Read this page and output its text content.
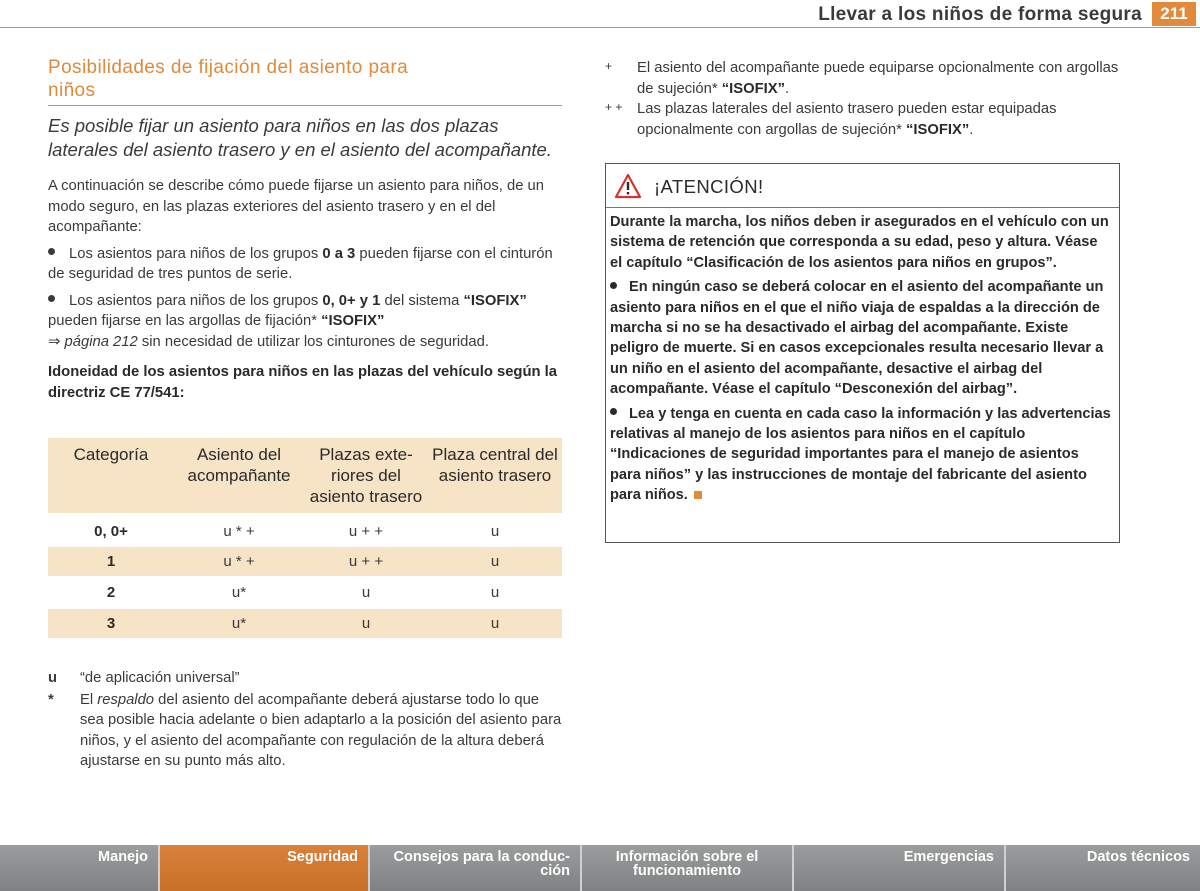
Llevar a los niños de forma segura	211
Posibilidades de fijación del asiento para
niños
Es posible fijar un asiento para niños en las dos plazas laterales del asiento trasero y en el asiento del acompañante.
A continuación se describe cómo puede fijarse un asiento para niños, de un modo seguro, en las plazas exteriores del asiento trasero y en el del acompañante:
Los asientos para niños de los grupos 0 a 3 pueden fijarse con el cinturón de seguridad de tres puntos de serie.
Los asientos para niños de los grupos 0, 0+ y 1 del sistema “ISOFIX” pueden fijarse en las argollas de fijación* “ISOFIX”
⇒ página 212 sin necesidad de utilizar los cinturones de seguridad.
Idoneidad de los asientos para niños en las plazas del vehículo según la directriz CE 77/541:
Categoría	Asiento del acompañante	Plazas exteriores del asiento trasero	Plaza central del asiento trasero
0, 0+	u * +	u + +	u
1	u * +	u + +	u
2	u*	u	u
3	u*	u	u
u “de aplicación universal”
* El respaldo del asiento del acompañante deberá ajustarse todo lo que sea posible hacia adelante o bien adaptarlo a la posición del asiento para niños, y el asiento del acompañante con regulación de la altura deberá ajustarse en su punto más alto.
+ El asiento del acompañante puede equiparse opcionalmente con argollas de sujeción* “ISOFIX”.
+ + Las plazas laterales del asiento trasero pueden estar equipadas opcionalmente con argollas de sujeción* “ISOFIX”.
¡ATENCIÓN!
Durante la marcha, los niños deben ir asegurados en el vehículo con un sistema de retención que corresponda a su edad, peso y altura. Véase el capítulo “Clasificación de los asientos para niños en grupos”.
En ningún caso se deberá colocar en el asiento del acompañante un asiento para niños en el que el niño viaja de espaldas a la dirección de marcha si no se ha desactivado el airbag del acompañante. Existe peligro de muerte. Si en casos excepcionales resulta necesario llevar a un niño en el asiento del acompañante, desactive el airbag del acompañante. Véase el capítulo “Desconexión del airbag”.
Lea y tenga en cuenta en cada caso la información y las advertencias relativas al manejo de los asientos para niños en el capítulo “Indicaciones de seguridad importantes para el manejo de asientos para niños” y las instrucciones de montaje del fabricante del asiento para niños.
Manejo	Seguridad	Consejos para la conduc-
ción
Información sobre el
funcionamiento
Emergencias	Datos técnicos
